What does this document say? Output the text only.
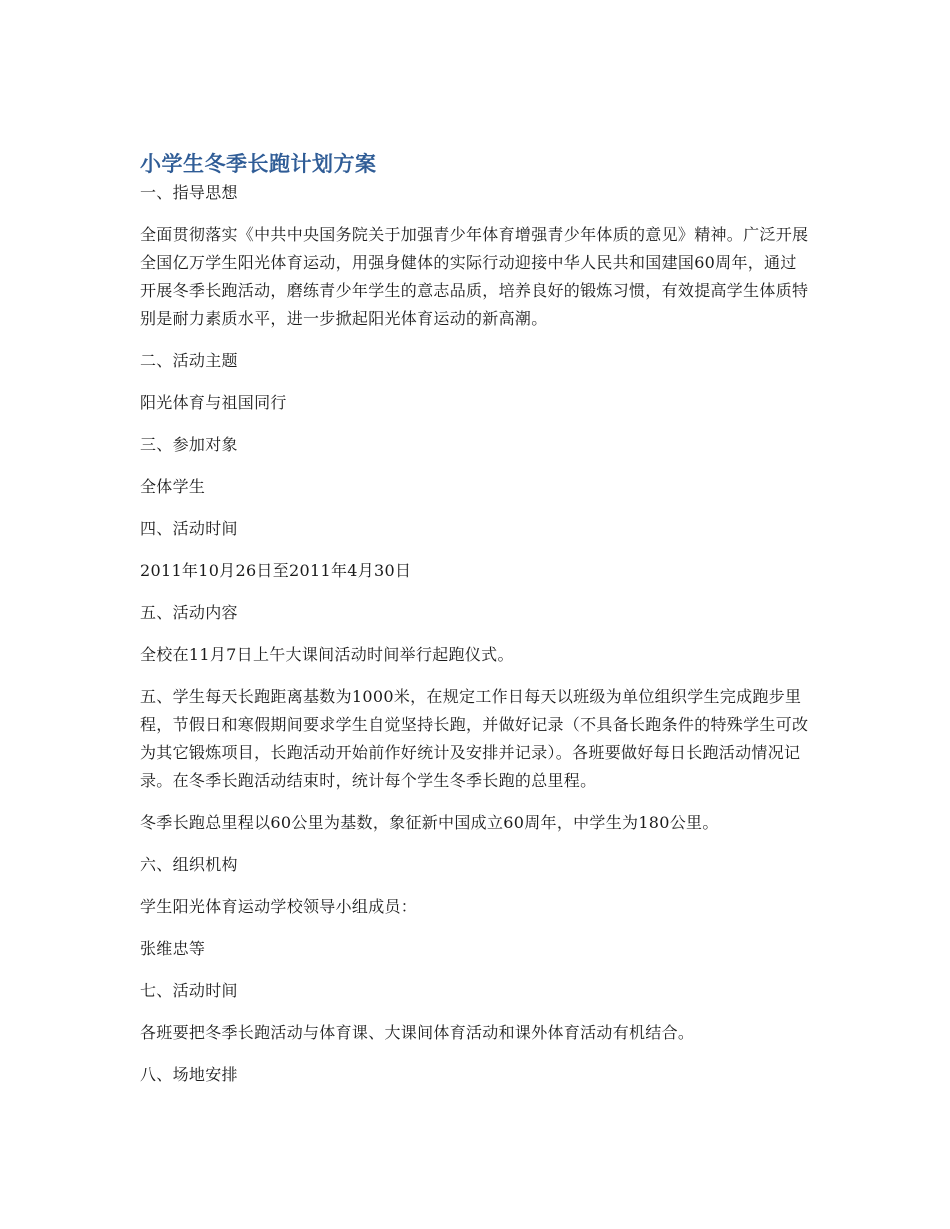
小学生冬季长跑计划方案

一、指导思想

全面贯彻落实《中共中央国务院关于加强青少年体育增强青少年体质的意见》精神。广泛开展全国亿万学生阳光体育运动，用强身健体的实际行动迎接中华人民共和国建国60周年，通过开展冬季长跑活动，磨练青少年学生的意志品质，培养良好的锻炼习惯，有效提高学生体质特别是耐力素质水平，进一步掀起阳光体育运动的新高潮。

二、活动主题

阳光体育与祖国同行

三、参加对象

全体学生

四、活动时间

2011年10月26日至2011年4月30日

五、活动内容

全校在11月7日上午大课间活动时间举行起跑仪式。

五、学生每天长跑距离基数为1000米，在规定工作日每天以班级为单位组织学生完成跑步里程，节假日和寒假期间要求学生自觉坚持长跑，并做好记录（不具备长跑条件的特殊学生可改为其它锻炼项目，长跑活动开始前作好统计及安排并记录）。各班要做好每日长跑活动情况记录。在冬季长跑活动结束时，统计每个学生冬季长跑的总里程。

冬季长跑总里程以60公里为基数，象征新中国成立60周年，中学生为180公里。

六、组织机构

学生阳光体育运动学校领导小组成员：

张维忠等

七、活动时间

各班要把冬季长跑活动与体育课、大课间体育活动和课外体育活动有机结合。

八、场地安排
